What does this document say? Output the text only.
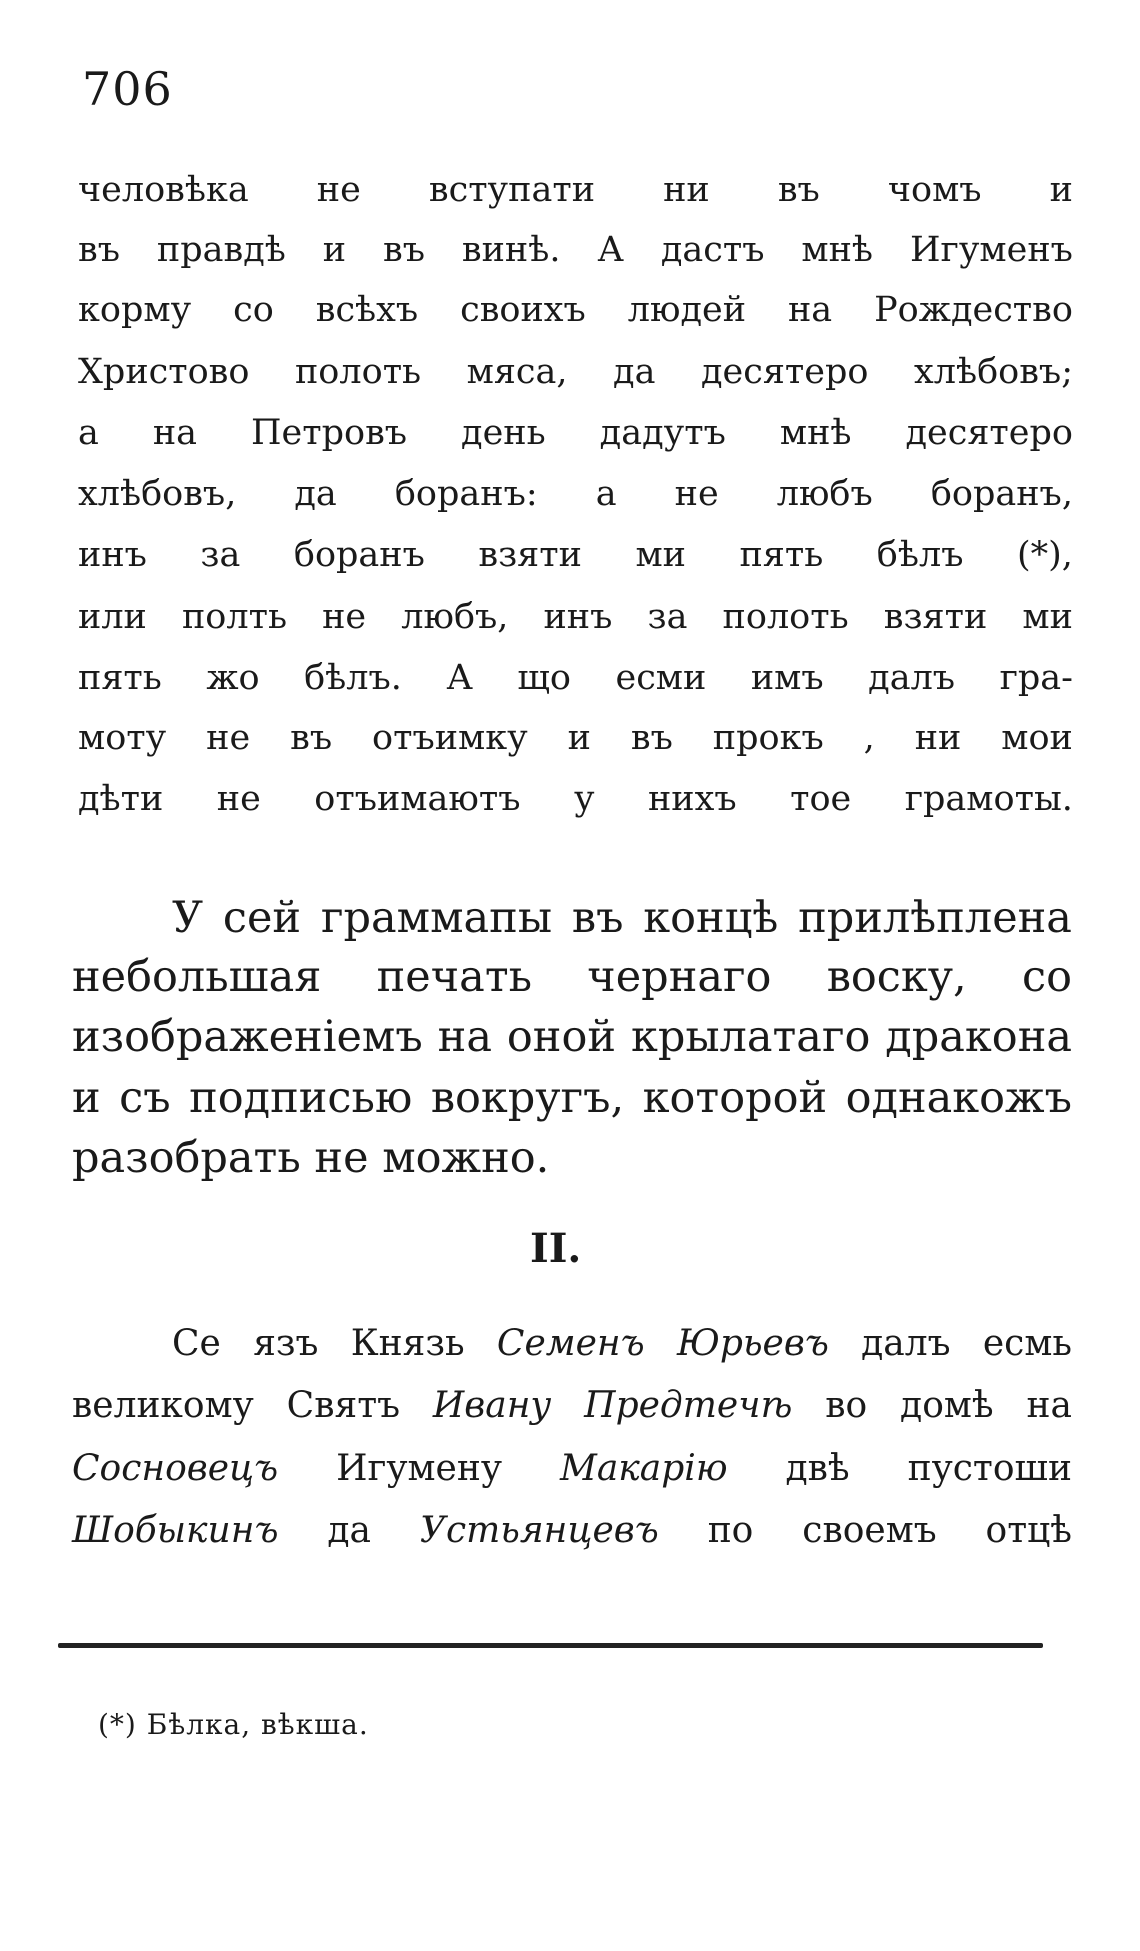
706
человѣка не вступати ни въ чомъ и
въ правдѣ и въ винѣ. А дастъ мнѣ Игуменъ
корму со всѣхъ своихъ людей на Рождество
Христово полоть мяса, да десятеро хлѣбовъ;
а на Петровъ день дадутъ мнѣ десятеро
хлѣбовъ, да боранъ: а не любъ боранъ,
инъ за боранъ взяти ми пять бѣлъ (*),
или полть не любъ, инъ за полоть взяти ми
пять жо бѣлъ. А що есми имъ далъ гра-
моту не въ отъимку и въ прокъ , ни мои
дѣти не отъимаютъ у нихъ тое грамоты.
У сей граммапы въ концѣ прилѣплена
небольшая печать чернаго воску, со
изображенiемъ на оной крылатаго дракона
и съ подписью вокругъ, которой однакожъ
разобрать не можно.
II.
Се язъ Князь Семенъ Юрьевъ далъ есмь
великому Святъ Ивану Предтечѣ во домѣ на
Сосновецъ Игумену Макарiю двѣ пустоши
Шобыкинъ да Устьянцевъ по своемъ отцѣ
(*) Бѣлка, вѣкша.
